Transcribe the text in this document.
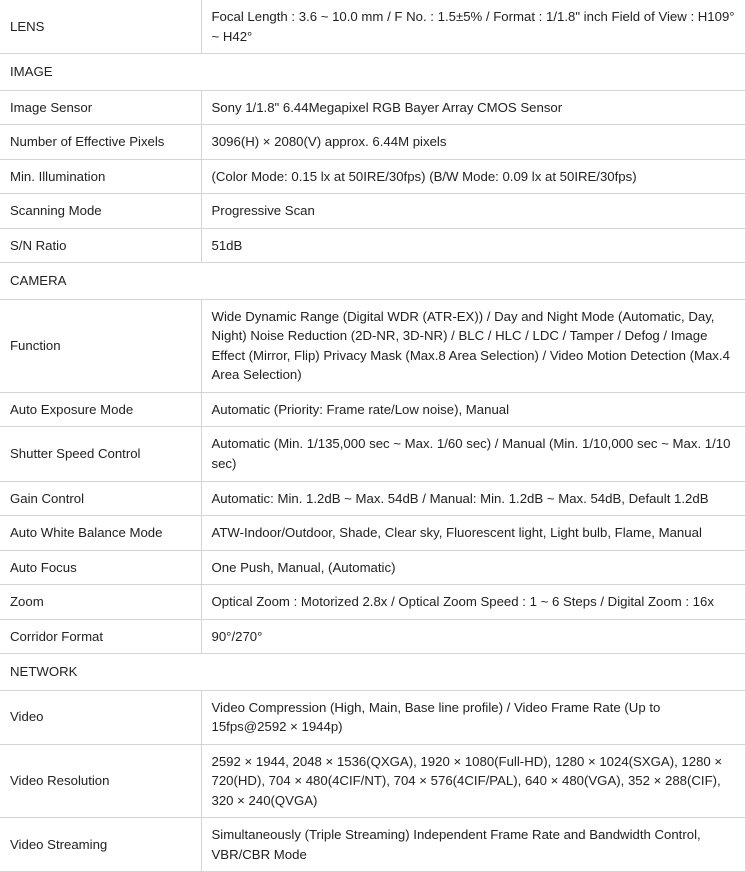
LENS	Focal Length : 3.6 ~ 10.0 mm / F No. : 1.5±5% / Format : 1/1.8" inch Field of View : H109° ~ H42°
IMAGE	
Image Sensor	Sony 1/1.8" 6.44Megapixel RGB Bayer Array CMOS Sensor
Number of Effective Pixels	3096(H) × 2080(V) approx. 6.44M pixels
Min. Illumination	(Color Mode: 0.15 lx at 50IRE/30fps) (B/W Mode: 0.09 lx at 50IRE/30fps)
Scanning Mode	Progressive Scan
S/N Ratio	51dB
CAMERA	
Function	Wide Dynamic Range (Digital WDR (ATR-EX)) / Day and Night Mode (Automatic, Day, Night) Noise Reduction (2D-NR, 3D-NR) / BLC / HLC / LDC / Tamper / Defog / Image Effect (Mirror, Flip) Privacy Mask (Max.8 Area Selection) / Video Motion Detection (Max.4 Area Selection)
Auto Exposure Mode	Automatic (Priority: Frame rate/Low noise), Manual
Shutter Speed Control	Automatic (Min. 1/135,000 sec ~ Max. 1/60 sec) / Manual (Min. 1/10,000 sec ~ Max. 1/10 sec)
Gain Control	Automatic: Min. 1.2dB ~ Max. 54dB / Manual: Min. 1.2dB ~ Max. 54dB, Default 1.2dB
Auto White Balance Mode	ATW-Indoor/Outdoor, Shade, Clear sky, Fluorescent light, Light bulb, Flame, Manual
Auto Focus	One Push, Manual, (Automatic)
Zoom	Optical Zoom : Motorized 2.8x / Optical Zoom Speed : 1 ~ 6 Steps / Digital Zoom : 16x
Corridor Format	90°/270°
NETWORK	
Video	Video Compression (High, Main, Base line profile) / Video Frame Rate (Up to 15fps@2592 × 1944p)
Video Resolution	2592 × 1944, 2048 × 1536(QXGA), 1920 × 1080(Full-HD), 1280 × 1024(SXGA), 1280 × 720(HD), 704 × 480(4CIF/NT), 704 × 576(4CIF/PAL), 640 × 480(VGA), 352 × 288(CIF), 320 × 240(QVGA)
Video Streaming	Simultaneously (Triple Streaming) Independent Frame Rate and Bandwidth Control, VBR/CBR Mode
